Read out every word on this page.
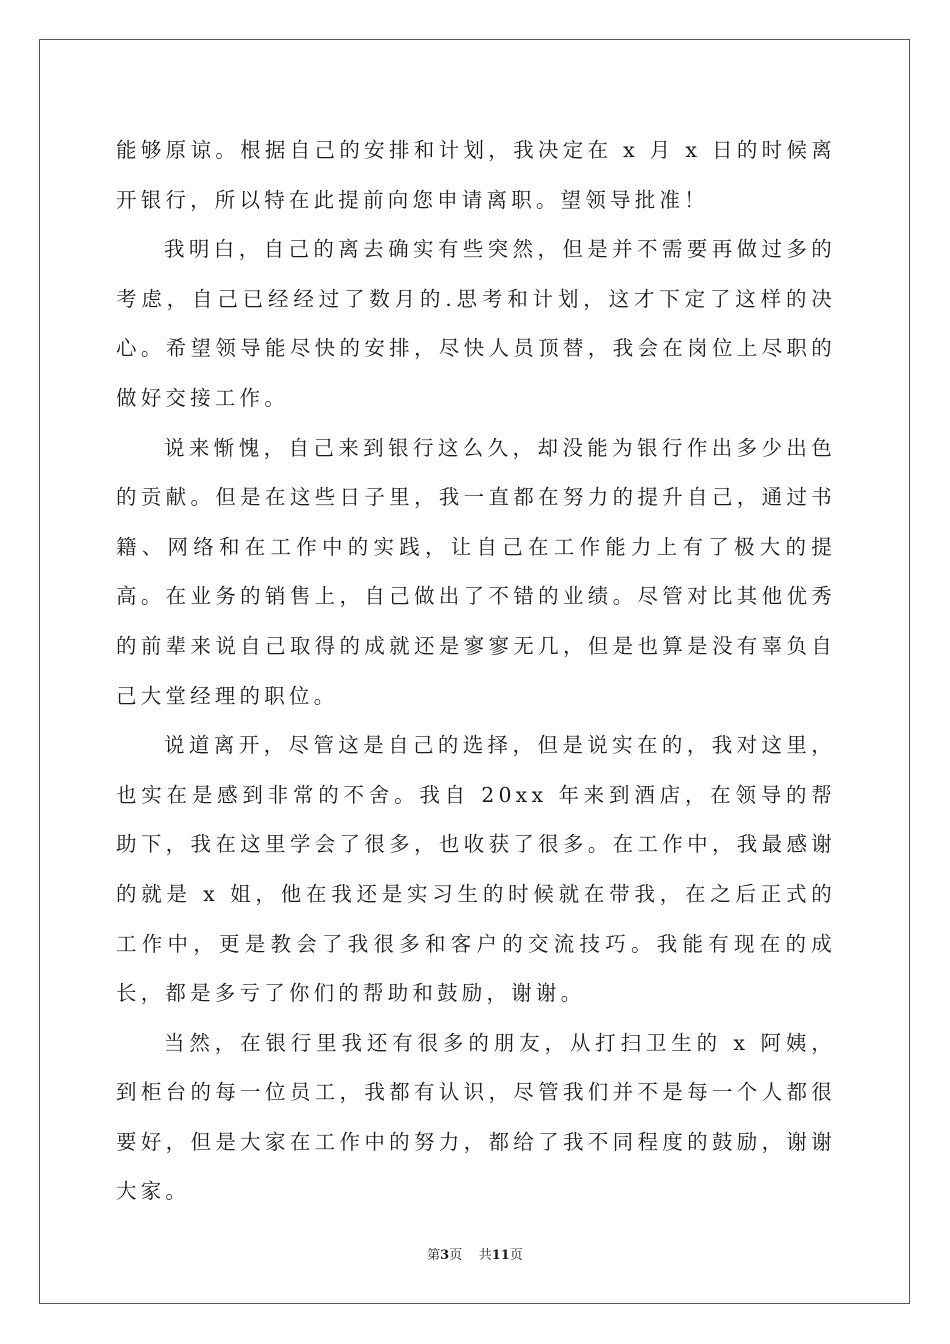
能够原谅。根据自己的安排和计划，我决定在 x 月 x 日的时候离开银行，所以特在此提前向您申请离职。望领导批准！

我明白，自己的离去确实有些突然，但是并不需要再做过多的考虑，自己已经经过了数月的.思考和计划，这才下定了这样的决心。希望领导能尽快的安排，尽快人员顶替，我会在岗位上尽职的做好交接工作。

说来惭愧，自己来到银行这么久，却没能为银行作出多少出色的贡献。但是在这些日子里，我一直都在努力的提升自己，通过书籍、网络和在工作中的实践，让自己在工作能力上有了极大的提高。在业务的销售上，自己做出了不错的业绩。尽管对比其他优秀的前辈来说自己取得的成就还是寥寥无几，但是也算是没有辜负自己大堂经理的职位。

说道离开，尽管这是自己的选择，但是说实在的，我对这里，也实在是感到非常的不舍。我自 20xx 年来到酒店，在领导的帮助下，我在这里学会了很多，也收获了很多。在工作中，我最感谢的就是 x 姐，他在我还是实习生的时候就在带我，在之后正式的工作中，更是教会了我很多和客户的交流技巧。我能有现在的成长，都是多亏了你们的帮助和鼓励，谢谢。

当然，在银行里我还有很多的朋友，从打扫卫生的 x 阿姨，到柜台的每一位员工，我都有认识，尽管我们并不是每一个人都很要好，但是大家在工作中的努力，都给了我不同程度的鼓励，谢谢大家。

第3页    共11页
